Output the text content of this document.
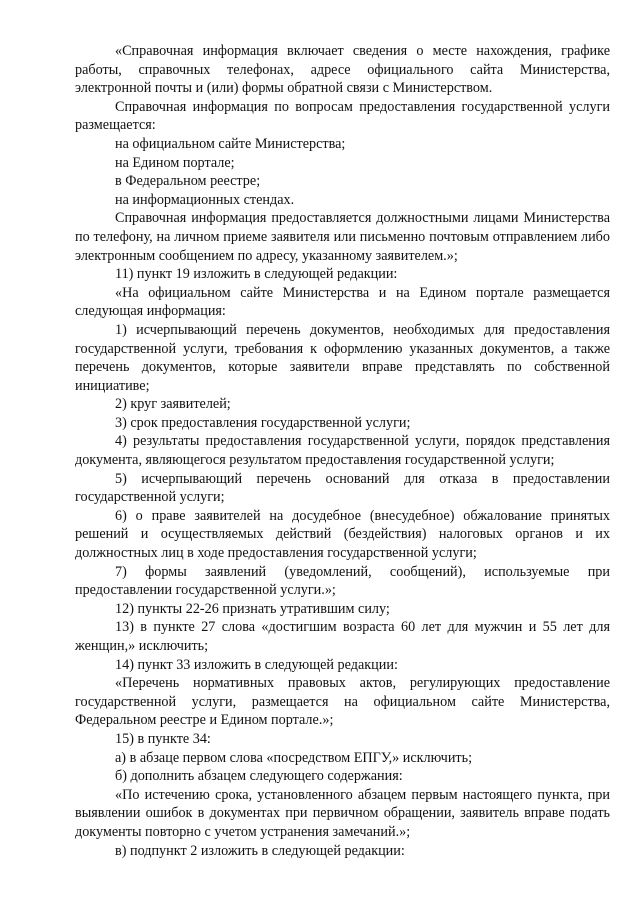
«Справочная информация включает сведения о месте нахождения, графике работы, справочных телефонах, адресе официального сайта Министерства, электронной почты и (или) формы обратной связи с Министерством.

Справочная информация по вопросам предоставления государственной услуги размещается:

на официальном сайте Министерства;

на Едином портале;

в Федеральном реестре;

на информационных стендах.

Справочная информация предоставляется должностными лицами Министерства по телефону, на личном приеме заявителя или письменно почтовым отправлением либо электронным сообщением по адресу, указанному заявителем.»;

11) пункт 19 изложить в следующей редакции:

«На официальном сайте Министерства и на Едином портале размещается следующая информация:

1) исчерпывающий перечень документов, необходимых для предоставления государственной услуги, требования к оформлению указанных документов, а также перечень документов, которые заявители вправе представлять по собственной инициативе;

2) круг заявителей;

3) срок предоставления государственной услуги;

4) результаты предоставления государственной услуги, порядок представления документа, являющегося результатом предоставления государственной услуги;

5) исчерпывающий перечень оснований для отказа в предоставлении государственной услуги;

6) о праве заявителей на досудебное (внесудебное) обжалование принятых решений и осуществляемых действий (бездействия) налоговых органов и их должностных лиц в ходе предоставления государственной услуги;

7) формы заявлений (уведомлений, сообщений), используемые при предоставлении государственной услуги.»;

12) пункты 22-26 признать утратившим силу;

13) в пункте 27 слова «достигшим возраста 60 лет для мужчин и 55 лет для женщин,» исключить;

14) пункт 33 изложить в следующей редакции:

«Перечень нормативных правовых актов, регулирующих предоставление государственной услуги, размещается на официальном сайте Министерства, Федеральном реестре и Едином портале.»;

15) в пункте 34:

а) в абзаце первом слова «посредством ЕПГУ,» исключить;

б) дополнить абзацем следующего содержания:

«По истечению срока, установленного абзацем первым настоящего пункта, при выявлении ошибок в документах при первичном обращении, заявитель вправе подать документы повторно с учетом устранения замечаний.»;

в) подпункт 2 изложить в следующей редакции:
